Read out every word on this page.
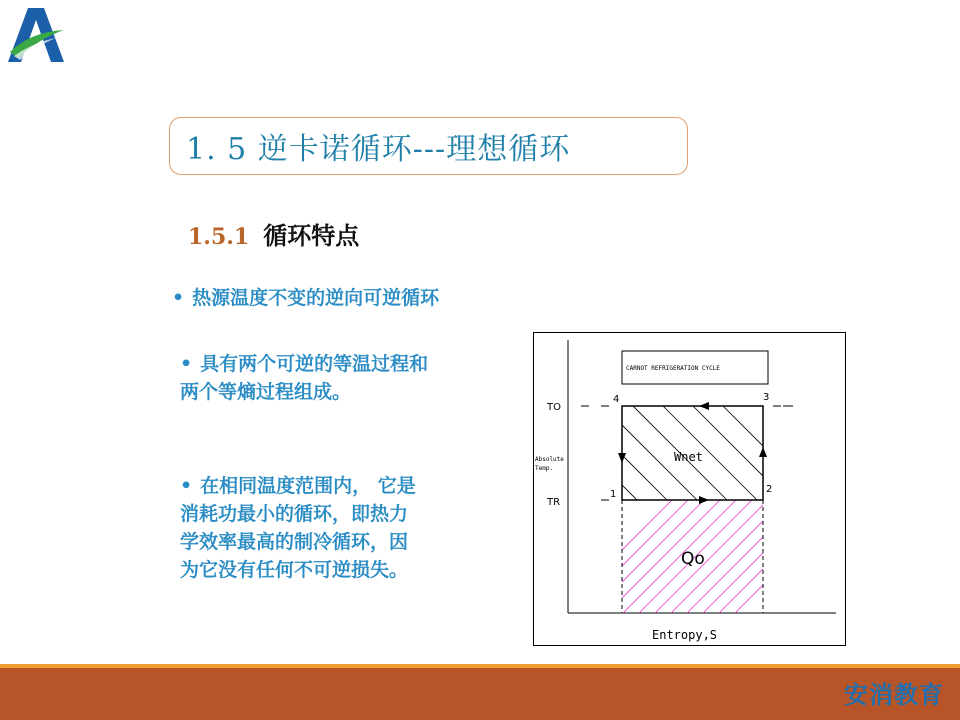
1. 5 逆卡诺循环---理想循环
1.5.1 循环特点
• 热源温度不变的逆向可逆循环
• 具有两个可逆的等温过程和
两个等熵过程组成。
• 在相同温度范围内， 它是
消耗功最小的循环，即热力
学效率最高的制冷循环，因
为它没有任何不可逆损失。
CARNOT REFRIGERATION CYCLE
TO
TR
Absolute
Temp.
1	2
3
4
Wnet
Qo
Entropy,S
安消教育
